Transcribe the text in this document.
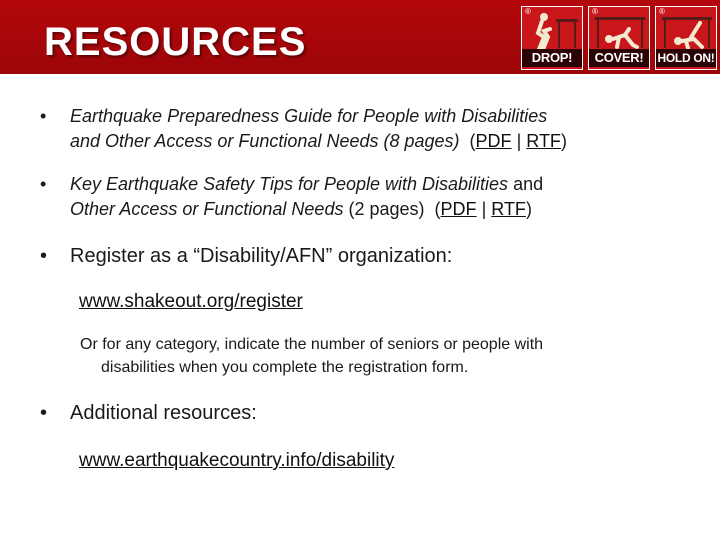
RESOURCES
®
DROP!
®
COVER!
®
HOLD ON!
• Earthquake Preparedness Guide for People with Disabilities
and Other Access or Functional Needs (8 pages) (PDF | RTF)
• Key Earthquake Safety Tips for People with Disabilities and
Other Access or Functional Needs (2 pages) (PDF | RTF)
• Register as a “Disability/AFN” organization:
www.shakeout.org/register
Or for any category, indicate the number of seniors or people with
disabilities when you complete the registration form.
• Additional resources:
www.earthquakecountry.info/disability
